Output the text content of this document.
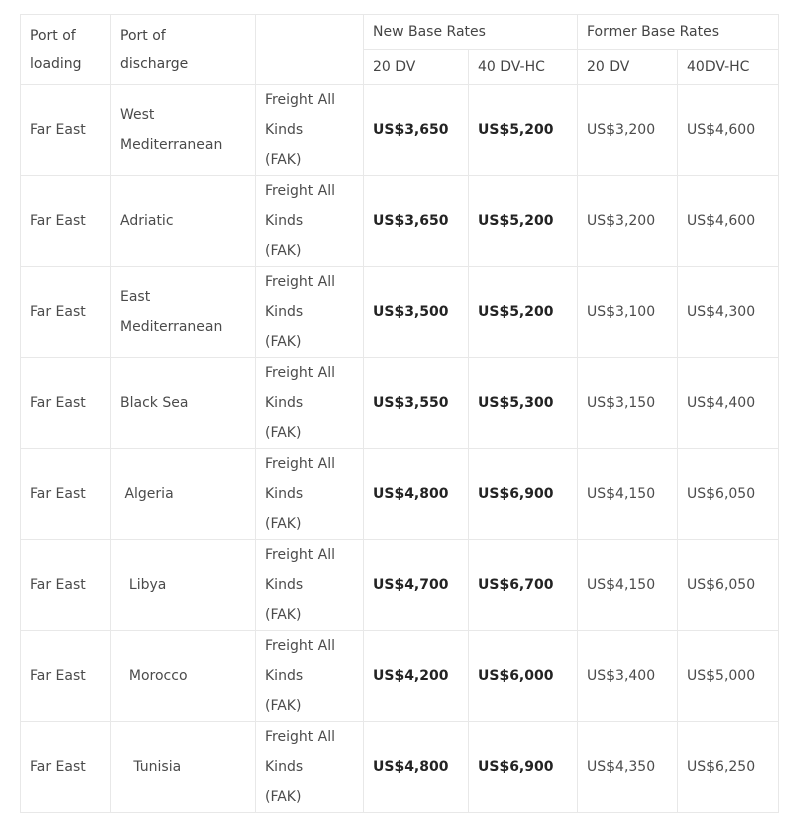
Port of loading	Port of discharge		New Base Rates		Former Base Rates	
			20 DV	40 DV-HC	20 DV	40DV-HC
Far East	West Mediterranean	Freight All Kinds (FAK)	US$3,650	US$5,200	US$3,200	US$4,600
Far East	Adriatic	Freight All Kinds (FAK)	US$3,650	US$5,200	US$3,200	US$4,600
Far East	East Mediterranean	Freight All Kinds (FAK)	US$3,500	US$5,200	US$3,100	US$4,300
Far East	Black Sea	Freight All Kinds (FAK)	US$3,550	US$5,300	US$3,150	US$4,400
Far East	Algeria	Freight All Kinds (FAK)	US$4,800	US$6,900	US$4,150	US$6,050
Far East	Libya	Freight All Kinds (FAK)	US$4,700	US$6,700	US$4,150	US$6,050
Far East	Morocco	Freight All Kinds (FAK)	US$4,200	US$6,000	US$3,400	US$5,000
Far East	Tunisia	Freight All Kinds (FAK)	US$4,800	US$6,900	US$4,350	US$6,250
